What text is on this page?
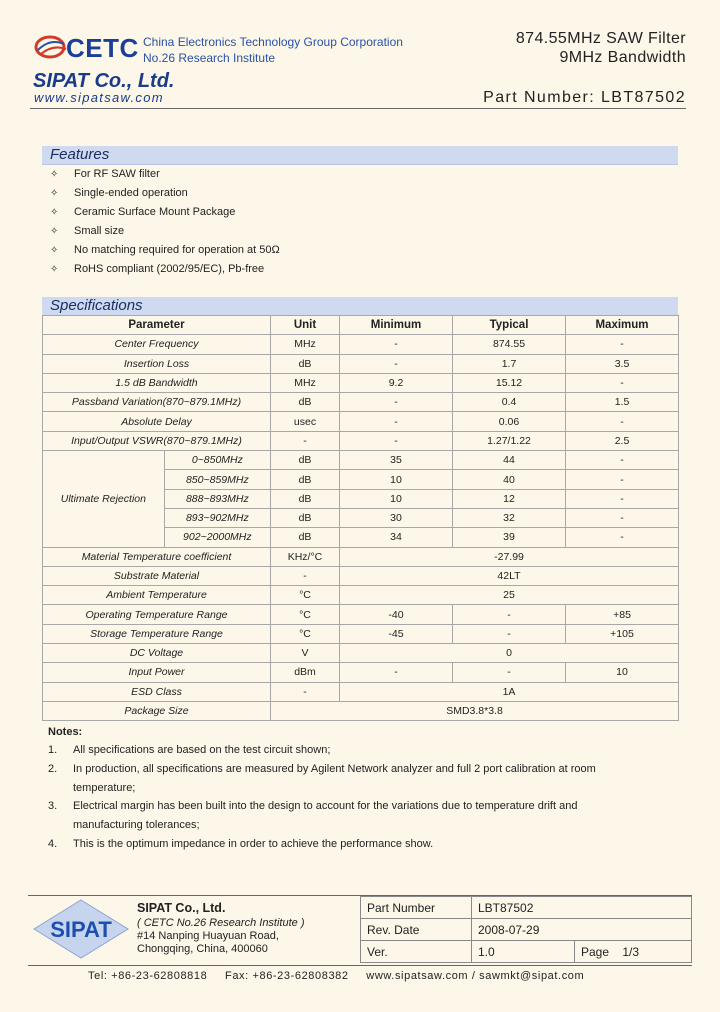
CETC China Electronics Technology Group Corporation
No.26 Research Institute
SIPAT Co., Ltd.
www.sipatsaw.com
874.55MHz SAW Filter
9MHz Bandwidth
Part Number: LBT87502
Features
✧ For RF SAW filter
✧ Single-ended operation
✧ Ceramic Surface Mount Package
✧ Small size
✧ No matching required for operation at 50Ω
✧ RoHS compliant (2002/95/EC), Pb-free
Specifications
Parameter		Unit	Minimum	Typical	Maximum
Center Frequency		MHz	-	874.55	-
Insertion Loss		dB	-	1.7	3.5
1.5 dB Bandwidth		MHz	9.2	15.12	-
Passband Variation(870~879.1MHz)		dB	-	0.4	1.5
Absolute Delay		usec	-	0.06	-
Input/Output VSWR(870~879.1MHz)		-	-	1.27/1.22	2.5
Ultimate Rejection	0~850MHz	dB	35	44	-
	850~859MHz	dB	10	40	-
	888~893MHz	dB	10	12	-
	893~902MHz	dB	30	32	-
	902~2000MHz	dB	34	39	-
Material Temperature coefficient		KHz/°C	-27.99		
Substrate Material		-	42LT		
Ambient Temperature		°C	25		
Operating Temperature Range		°C	-40	-	+85
Storage Temperature Range		°C	-45	-	+105
DC Voltage		V	0		
Input Power		dBm	-	-	10
ESD Class		-	1A		
Package Size		SMD3.8*3.8			
Notes:
1. All specifications are based on the test circuit shown;
2. In production, all specifications are measured by Agilent Network analyzer and full 2 port calibration at room temperature;
3. Electrical margin has been built into the design to account for the variations due to temperature drift and manufacturing tolerances;
4. This is the optimum impedance in order to achieve the performance show.
SIPAT
SIPAT Co., Ltd.
( CETC No.26 Research Institute )
#14 Nanping Huayuan Road,
Chongqing, China, 400060
Part Number	LBT87502	
Rev. Date	2008-07-29	
Ver.	1.0	Page 1/3
Tel: +86-23-62808818 Fax: +86-23-62808382 www.sipatsaw.com / sawmkt@sipat.com
